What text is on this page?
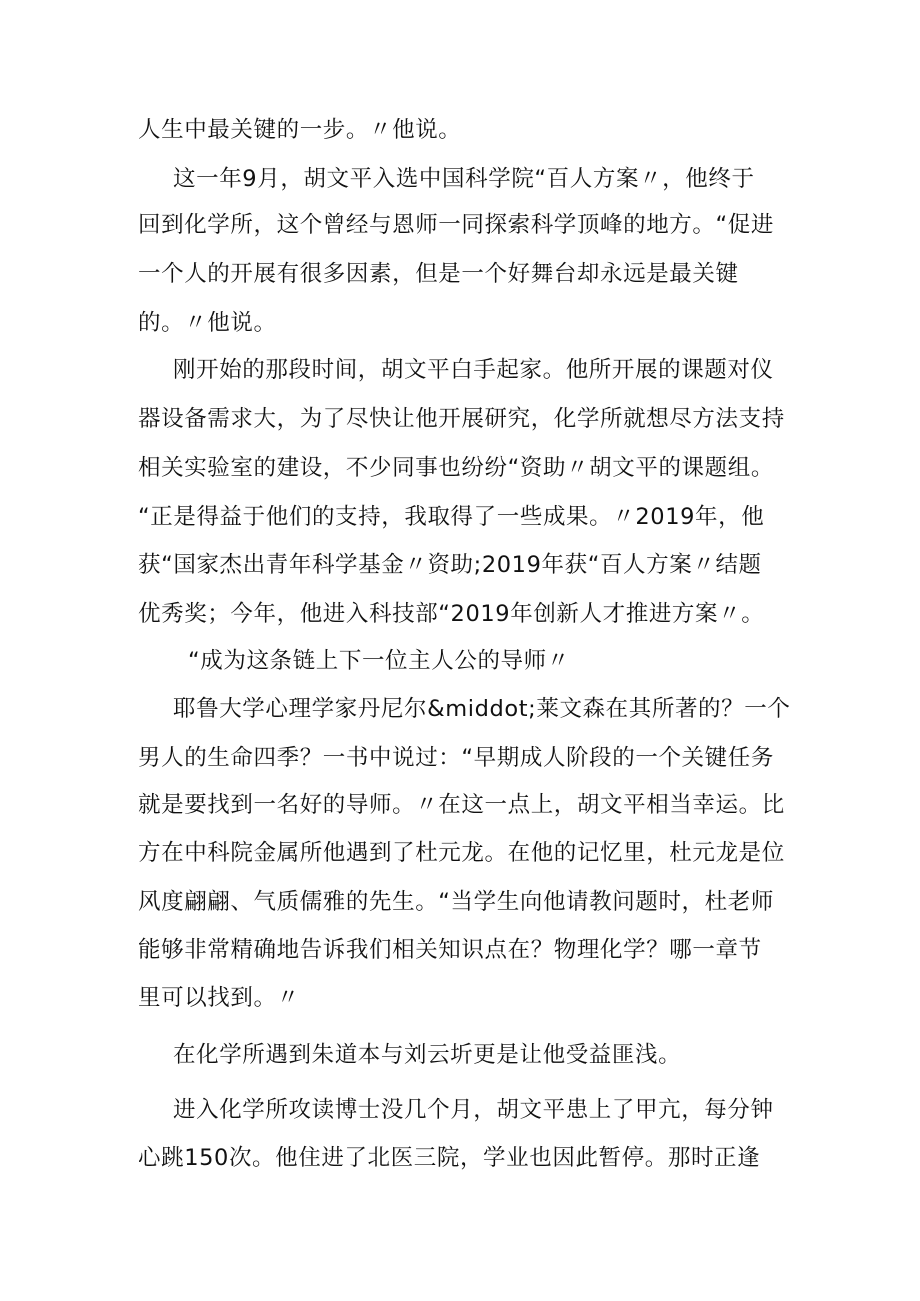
人生中最关键的一步。〃他说。

这一年9月，胡文平入选中国科学院“百人方案〃，他终于

回到化学所，这个曾经与恩师一同探索科学顶峰的地方。“促进

一个人的开展有很多因素，但是一个好舞台却永远是最关键

的。〃他说。

刚开始的那段时间，胡文平白手起家。他所开展的课题对仪

器设备需求大，为了尽快让他开展研究，化学所就想尽方法支持

相关实验室的建设，不少同事也纷纷“资助〃胡文平的课题组。

“正是得益于他们的支持，我取得了一些成果。〃2019年，他

获“国家杰出青年科学基金〃资助;2019年获“百人方案〃结题

优秀奖；今年，他进入科技部“2019年创新人才推进方案〃。

“成为这条链上下一位主人公的导师〃

耶鲁大学心理学家丹尼尔&middot;莱文森在其所著的？一个

男人的生命四季？一书中说过：“早期成人阶段的一个关键任务

就是要找到一名好的导师。〃在这一点上，胡文平相当幸运。比

方在中科院金属所他遇到了杜元龙。在他的记忆里，杜元龙是位

风度翩翩、气质儒雅的先生。“当学生向他请教问题时，杜老师

能够非常精确地告诉我们相关知识点在？物理化学？哪一章节

里可以找到。〃

在化学所遇到朱道本与刘云圻更是让他受益匪浅。

进入化学所攻读博士没几个月，胡文平患上了甲亢，每分钟

心跳150次。他住进了北医三院，学业也因此暂停。那时正逢
